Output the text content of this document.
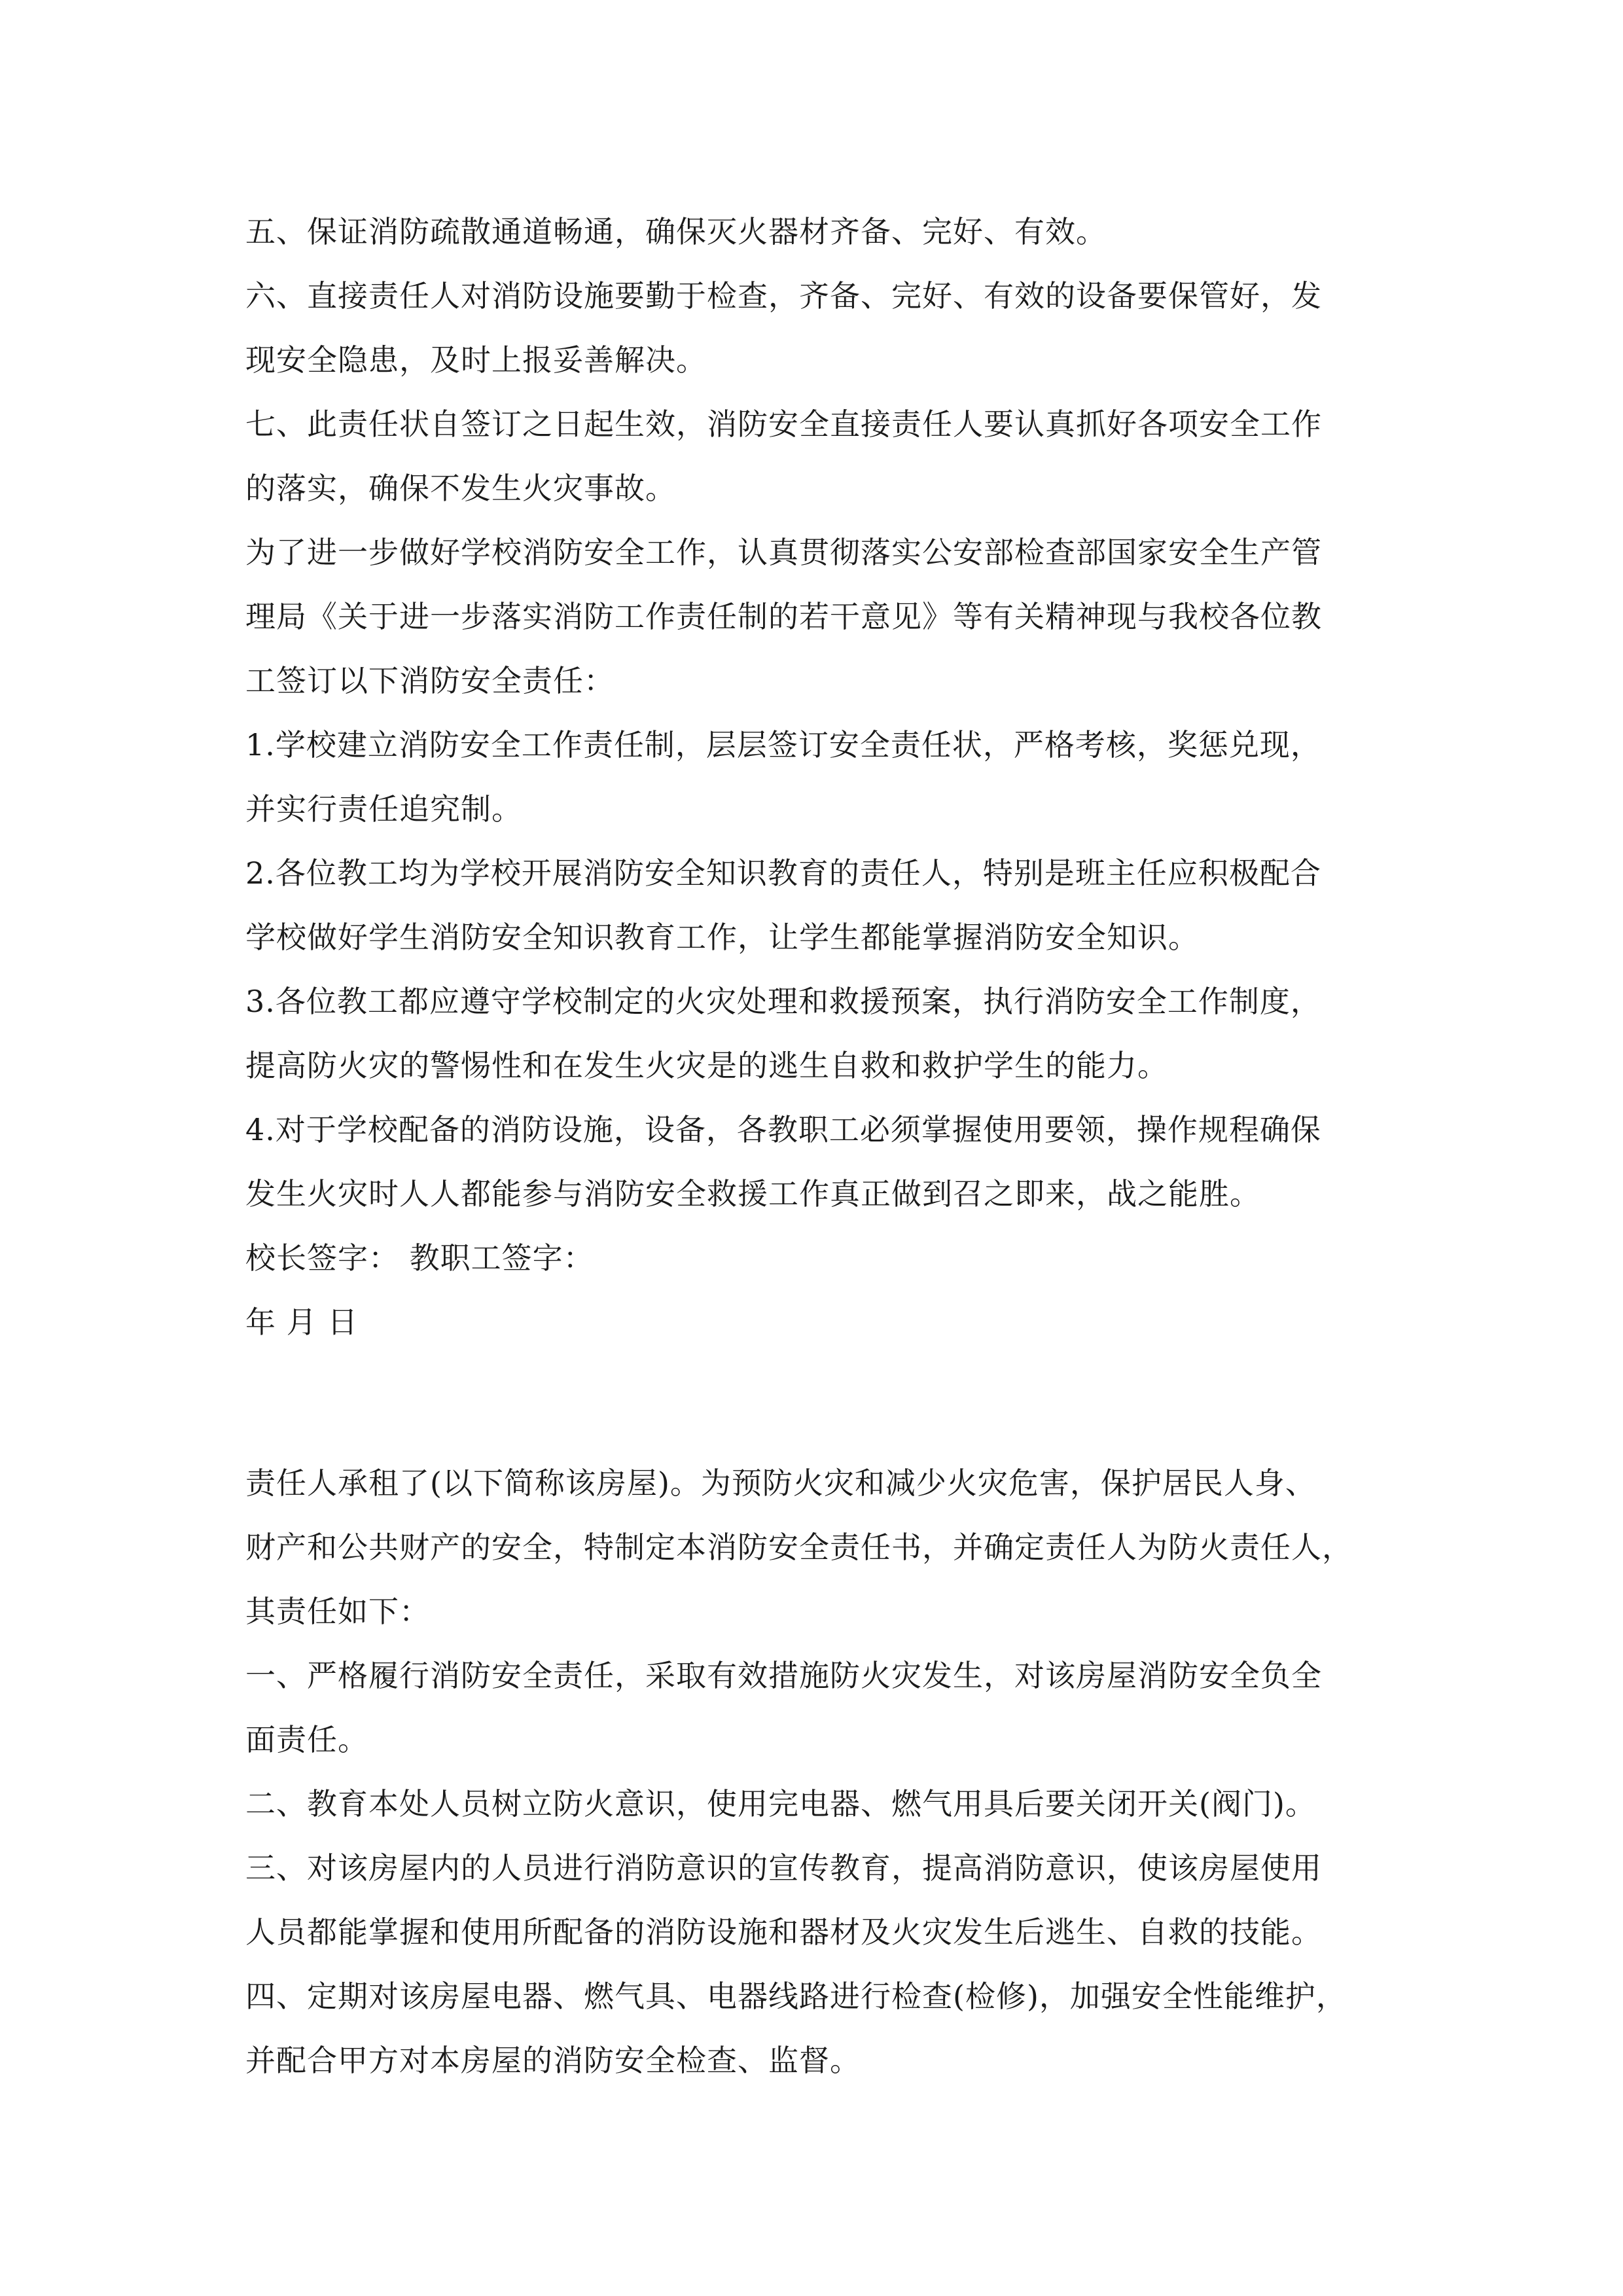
五、保证消防疏散通道畅通，确保灭火器材齐备、完好、有效。
六、直接责任人对消防设施要勤于检查，齐备、完好、有效的设备要保管好，发
现安全隐患，及时上报妥善解决。
七、此责任状自签订之日起生效，消防安全直接责任人要认真抓好各项安全工作
的落实，确保不发生火灾事故。
为了进一步做好学校消防安全工作，认真贯彻落实公安部检查部国家安全生产管
理局《关于进一步落实消防工作责任制的若干意见》等有关精神现与我校各位教
工签订以下消防安全责任：
1.学校建立消防安全工作责任制，层层签订安全责任状，严格考核，奖惩兑现，
并实行责任追究制。
2.各位教工均为学校开展消防安全知识教育的责任人，特别是班主任应积极配合
学校做好学生消防安全知识教育工作，让学生都能掌握消防安全知识。
3.各位教工都应遵守学校制定的火灾处理和救援预案，执行消防安全工作制度，
提高防火灾的警惕性和在发生火灾是的逃生自救和救护学生的能力。
4.对于学校配备的消防设施，设备，各教职工必须掌握使用要领，操作规程确保
发生火灾时人人都能参与消防安全救援工作真正做到召之即来，战之能胜。
校长签字： 教职工签字：
年 月 日
责任人承租了(以下简称该房屋)。为预防火灾和减少火灾危害，保护居民人身、
财产和公共财产的安全，特制定本消防安全责任书，并确定责任人为防火责任人，
其责任如下：
一、严格履行消防安全责任，采取有效措施防火灾发生，对该房屋消防安全负全
面责任。
二、教育本处人员树立防火意识，使用完电器、燃气用具后要关闭开关(阀门)。
三、对该房屋内的人员进行消防意识的宣传教育，提高消防意识，使该房屋使用
人员都能掌握和使用所配备的消防设施和器材及火灾发生后逃生、自救的技能。
四、定期对该房屋电器、燃气具、电器线路进行检查(检修)，加强安全性能维护，
并配合甲方对本房屋的消防安全检查、监督。
